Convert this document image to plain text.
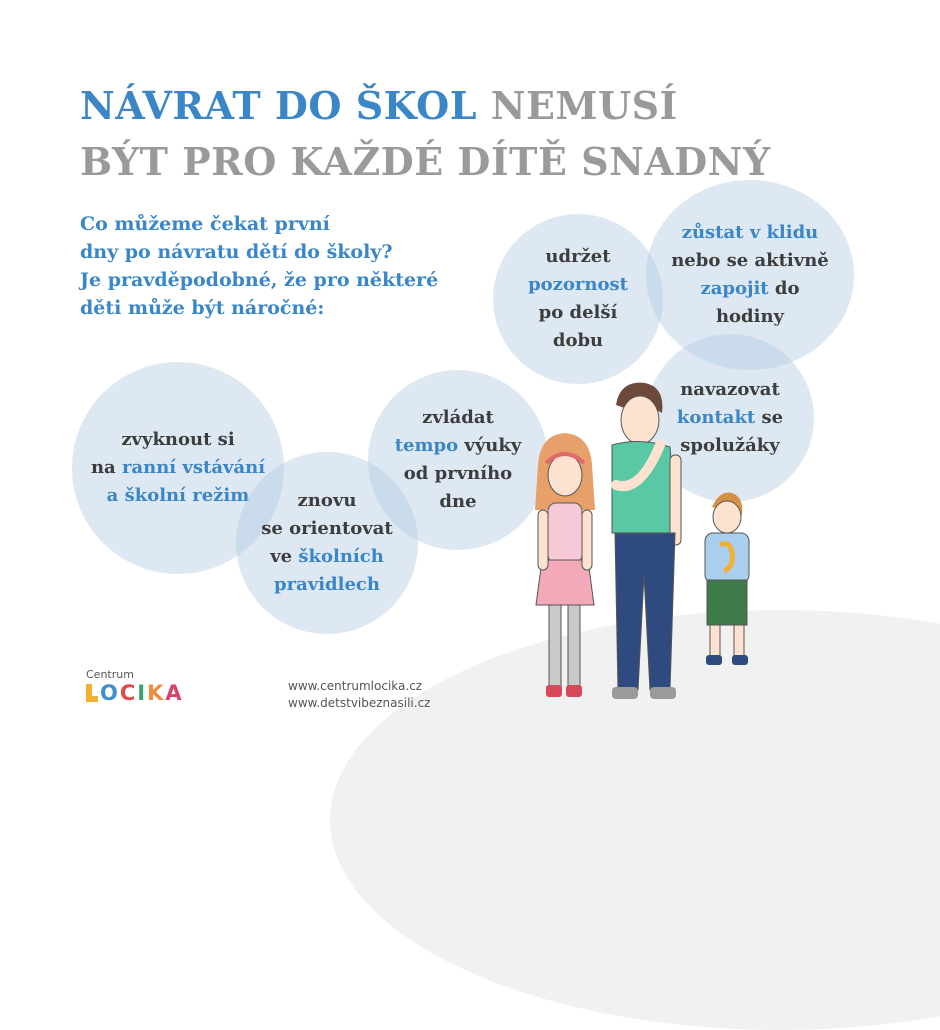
NÁVRAT DO ŠKOL NEMUSÍ
BÝT PRO KAŽDÉ DÍTĚ SNADNÝ
Co můžeme čekat první
dny po návratu dětí do školy?
Je pravděpodobné, že pro některé
děti může být náročné:
zvyknout si
na ranní vstávání
a školní režim	znovu
se orientovat
ve školních
pravidlech
zvládat
tempo výuky
od prvního
dne
udržet
pozornost
po delší
dobu
zůstat v klidu
nebo se aktivně
zapojit do
hodiny
navazovat
kontakt se
spolužáky
Centrum
O C I K A	www.centrumlocika.cz
www.detstvibeznasili.cz
